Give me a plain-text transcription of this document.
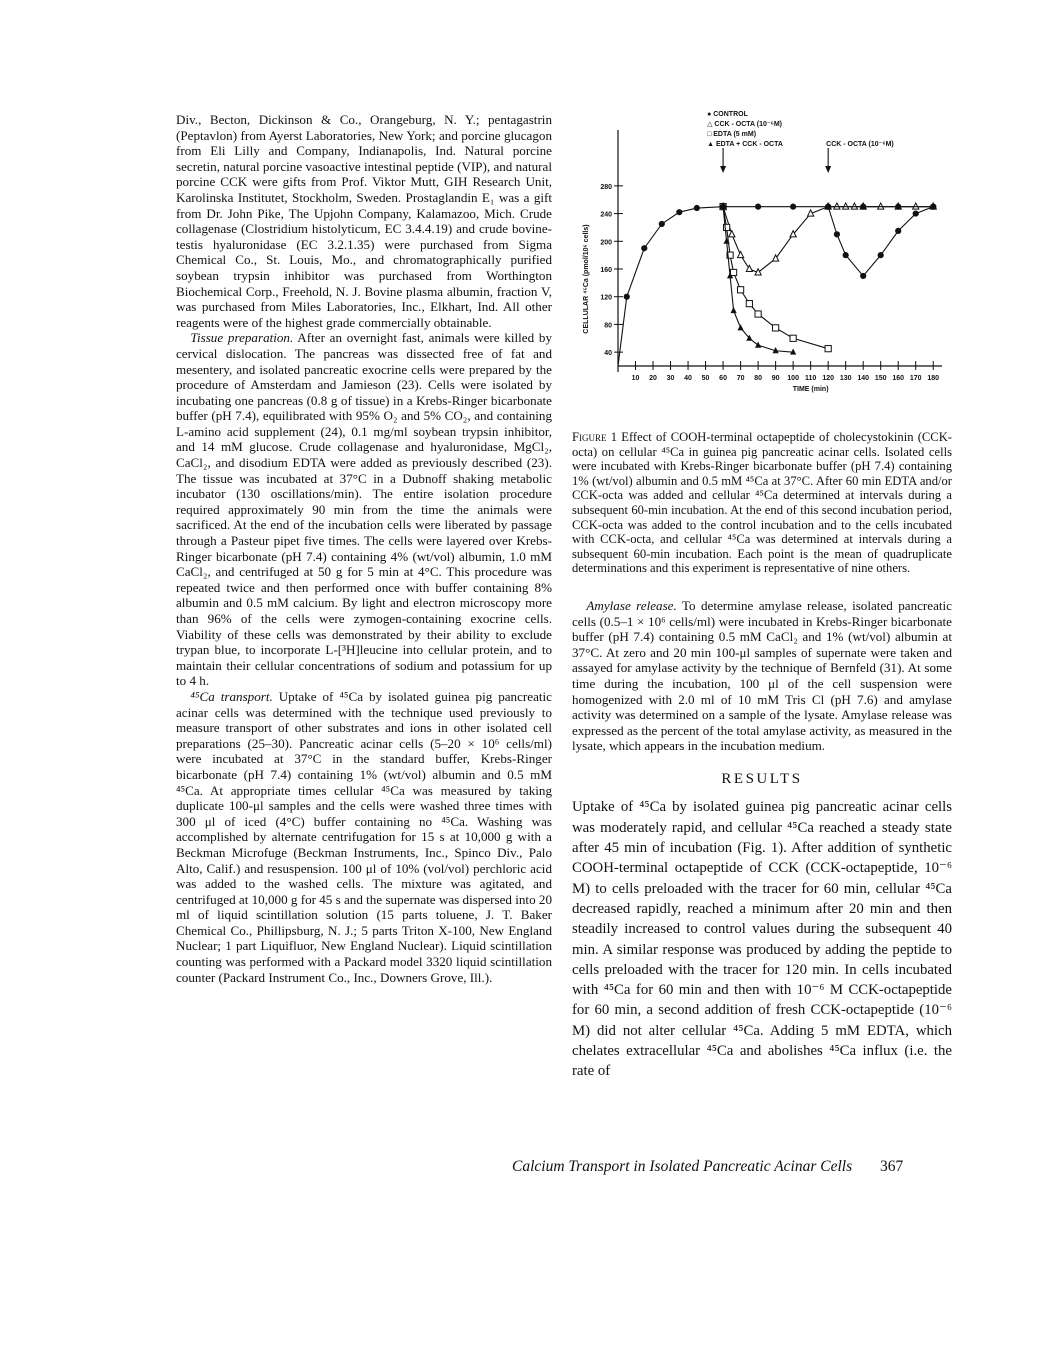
Div., Becton, Dickinson & Co., Orangeburg, N. Y.; pentagastrin (Peptavlon) from Ayerst Laboratories, New York; and porcine glucagon from Eli Lilly and Company, Indianapolis, Ind. Natural porcine secretin, natural porcine vasoactive intestinal peptide (VIP), and natural porcine CCK were gifts from Prof. Viktor Mutt, GIH Research Unit, Karolinska Institutet, Stockholm, Sweden. Prostaglandin E₁ was a gift from Dr. John Pike, The Upjohn Company, Kalamazoo, Mich. Crude collagenase (Clostridium histolyticum, EC 3.4.4.19) and crude bovine-testis hyaluronidase (EC 3.2.1.35) were purchased from Sigma Chemical Co., St. Louis, Mo., and chromatographically purified soybean trypsin inhibitor was purchased from Worthington Biochemical Corp., Freehold, N. J. Bovine plasma albumin, fraction V, was purchased from Miles Laboratories, Inc., Elkhart, Ind. All other reagents were of the highest grade commercially obtainable.

Tissue preparation. After an overnight fast, animals were killed by cervical dislocation. The pancreas was dissected free of fat and mesentery, and isolated pancreatic exocrine cells were prepared by the procedure of Amsterdam and Jamieson (23). Cells were isolated by incubating one pancreas (0.8 g of tissue) in a Krebs-Ringer bicarbonate buffer (pH 7.4), equilibrated with 95% O₂ and 5% CO₂, and containing L-amino acid supplement (24), 0.1 mg/ml soybean trypsin inhibitor, and 14 mM glucose. Crude collagenase and hyaluronidase, MgCl₂, CaCl₂, and disodium EDTA were added as previously described (23). The tissue was incubated at 37°C in a Dubnoff shaking metabolic incubator (130 oscillations/min). The entire isolation procedure required approximately 90 min from the time the animals were sacrificed. At the end of the incubation cells were liberated by passage through a Pasteur pipet five times. The cells were layered over Krebs-Ringer bicarbonate (pH 7.4) containing 4% (wt/vol) albumin, 1.0 mM CaCl₂, and centrifuged at 50 g for 5 min at 4°C. This procedure was repeated twice and then performed once with buffer containing 8% albumin and 0.5 mM calcium. By light and electron microscopy more than 96% of the cells were zymogen-containing exocrine cells. Viability of these cells was demonstrated by their ability to exclude trypan blue, to incorporate L-[³H]leucine into cellular protein, and to maintain their cellular concentrations of sodium and potassium for up to 4 h.

⁴⁵Ca transport. Uptake of ⁴⁵Ca by isolated guinea pig pancreatic acinar cells was determined with the technique used previously to measure transport of other substrates and ions in other isolated cell preparations (25–30). Pancreatic acinar cells (5–20 × 10⁶ cells/ml) were incubated at 37°C in the standard buffer, Krebs-Ringer bicarbonate (pH 7.4) containing 1% (wt/vol) albumin and 0.5 mM ⁴⁵Ca. At appropriate times cellular ⁴⁵Ca was measured by taking duplicate 100-μl samples and the cells were washed three times with 300 μl of iced (4°C) buffer containing no ⁴⁵Ca. Washing was accomplished by alternate centrifugation for 15 s at 10,000 g with a Beckman Microfuge (Beckman Instruments, Inc., Spinco Div., Palo Alto, Calif.) and resuspension. 100 μl of 10% (vol/vol) perchloric acid was added to the washed cells. The mixture was agitated, and centrifuged at 10,000 g for 45 s and the supernate was dispersed into 20 ml of liquid scintillation solution (15 parts toluene, J. T. Baker Chemical Co., Phillipsburg, N. J.; 5 parts Triton X-100, New England Nuclear; 1 part Liquifluor, New England Nuclear). Liquid scintillation counting was performed with a Packard model 3320 liquid scintillation counter (Packard Instrument Co., Inc., Downers Grove, Ill.).

● CONTROL
△ CCK - OCTA (10⁻⁶M)
□ EDTA (5 mM)
▲ EDTA + CCK - OCTA
10 20 30 40 50 60 70 80 90 100 110 120 130 140 150 160 170 180
40
80
120
160
200
240
280
TIME (min)
CELLULAR ⁴⁵Ca (pmol/10⁶ cells)
CCK - OCTA (10⁻⁶M)

Figure 1 Effect of COOH-terminal octapeptide of cholecystokinin (CCK-octa) on cellular ⁴⁵Ca in guinea pig pancreatic acinar cells. Isolated cells were incubated with Krebs-Ringer bicarbonate buffer (pH 7.4) containing 1% (wt/vol) albumin and 0.5 mM ⁴⁵Ca at 37°C. After 60 min EDTA and/or CCK-octa was added and cellular ⁴⁵Ca determined at intervals during a subsequent 60-min incubation. At the end of this second incubation period, CCK-octa was added to the control incubation and to the cells incubated with CCK-octa, and cellular ⁴⁵Ca was determined at intervals during a subsequent 60-min incubation. Each point is the mean of quadruplicate determinations and this experiment is representative of nine others.

Amylase release. To determine amylase release, isolated pancreatic cells (0.5–1 × 10⁶ cells/ml) were incubated in Krebs-Ringer bicarbonate buffer (pH 7.4) containing 0.5 mM CaCl₂ and 1% (wt/vol) albumin at 37°C. At zero and 20 min 100-μl samples of supernate were taken and assayed for amylase activity by the technique of Bernfeld (31). At some time during the incubation, 100 μl of the cell suspension were homogenized with 2.0 ml of 10 mM Tris Cl (pH 7.6) and amylase activity was determined on a sample of the lysate. Amylase release was expressed as the percent of the total amylase activity, as measured in the lysate, which appears in the incubation medium.

RESULTS

Uptake of ⁴⁵Ca by isolated guinea pig pancreatic acinar cells was moderately rapid, and cellular ⁴⁵Ca reached a steady state after 45 min of incubation (Fig. 1). After addition of synthetic COOH-terminal octapeptide of CCK (CCK-octapeptide, 10⁻⁶ M) to cells preloaded with the tracer for 60 min, cellular ⁴⁵Ca decreased rapidly, reached a minimum after 20 min and then steadily increased to control values during the subsequent 40 min. A similar response was produced by adding the peptide to cells preloaded with the tracer for 120 min. In cells incubated with ⁴⁵Ca for 60 min and then with 10⁻⁶ M CCK-octapeptide for 60 min, a second addition of fresh CCK-octapeptide (10⁻⁶ M) did not alter cellular ⁴⁵Ca. Adding 5 mM EDTA, which chelates extracellular ⁴⁵Ca and abolishes ⁴⁵Ca influx (i.e. the rate of

Calcium Transport in Isolated Pancreatic Acinar Cells 367
